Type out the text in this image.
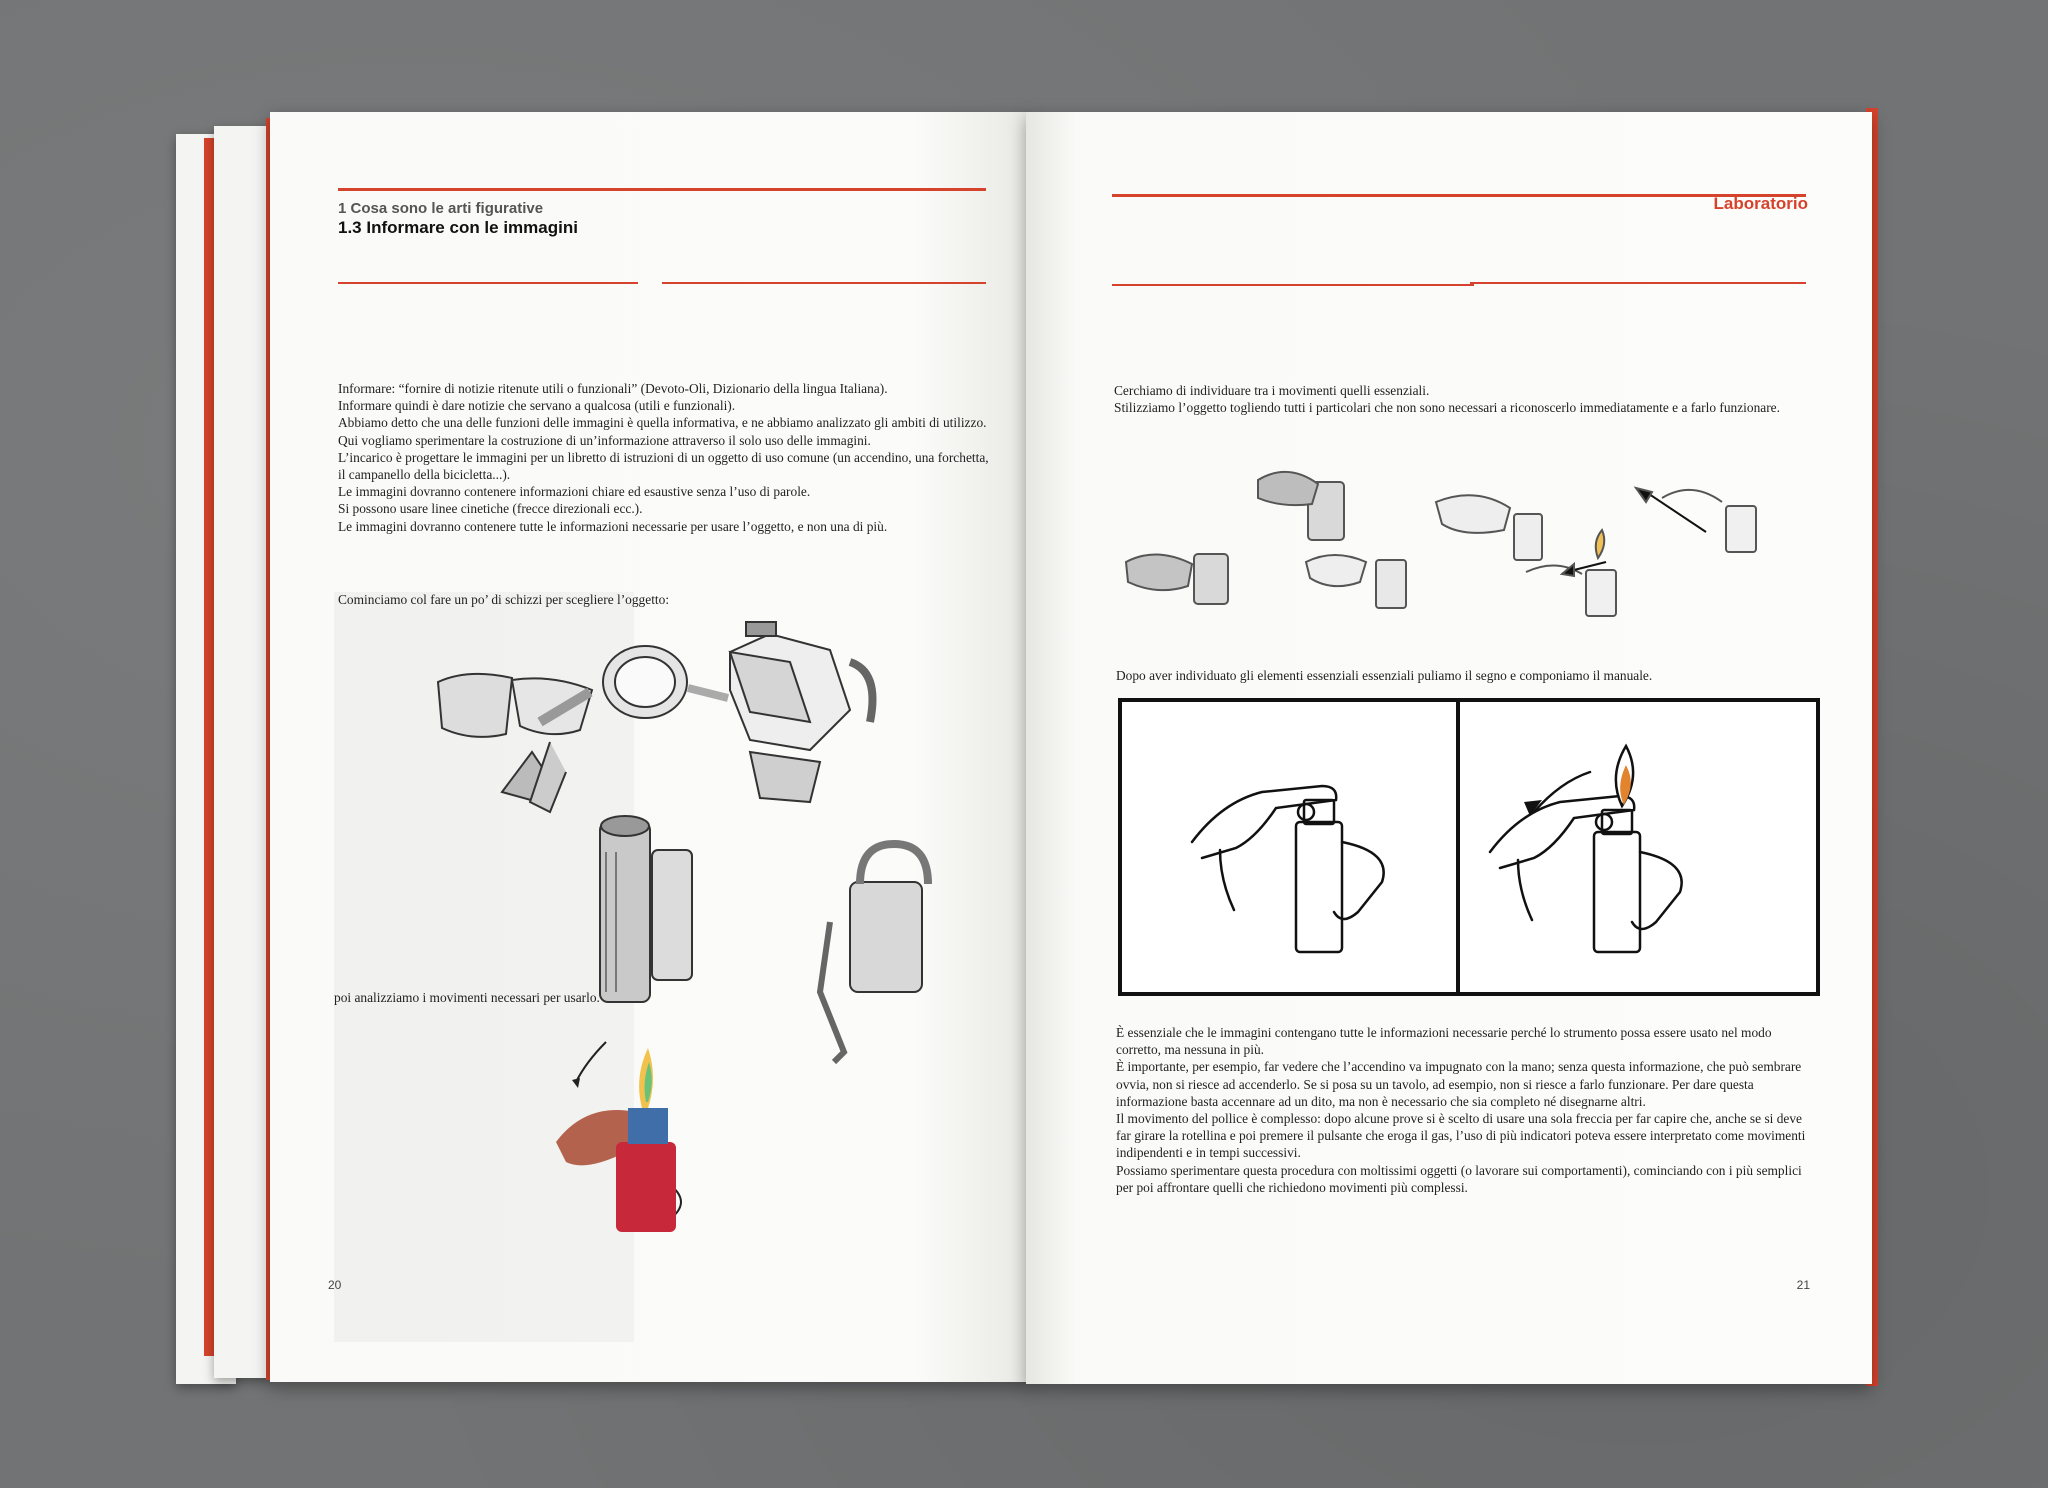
1 Cosa sono le arti figurative
1.3 Informare con le immagini

Informare: “fornire di notizie ritenute utili o funzionali” (Devoto-Oli, Dizionario della lingua Italiana).

Informare quindi è dare notizie che servano a qualcosa (utili e funzionali).

Abbiamo detto che una delle funzioni delle immagini è quella informativa, e ne abbiamo analizzato gli ambiti di utilizzo.

Qui vogliamo sperimentare la costruzione di un’informazione attraverso il solo uso delle immagini.

L’incarico è progettare le immagini per un libretto di istruzioni di un oggetto di uso comune (un accendino, una forchetta, il campanello della bicicletta...).

Le immagini dovranno contenere informazioni chiare ed esaustive senza l’uso di parole.

Si possono usare linee cinetiche (frecce direzionali ecc.).

Le immagini dovranno contenere tutte le informazioni necessarie per usare l’oggetto, e non una di più.

Cominciamo col fare un po’ di schizzi per scegliere l’oggetto:
poi analizziamo i movimenti necessari per usarlo.
20
Laboratorio

Cerchiamo di individuare tra i movimenti quelli essenziali.

Stilizziamo l’oggetto togliendo tutti i particolari che non sono necessari a riconoscerlo immediatamente e a farlo funzionare.

Dopo aver individuato gli elementi essenziali essenziali puliamo il segno e componiamo il manuale.

È essenziale che le immagini contengano tutte le informazioni necessarie perché lo strumento possa essere usato nel modo corretto, ma nessuna in più.

È importante, per esempio, far vedere che l’accendino va impugnato con la mano; senza questa informazione, che può sembrare ovvia, non si riesce ad accenderlo. Se si posa su un tavolo, ad esempio, non si riesce a farlo funzionare. Per dare questa informazione basta accennare ad un dito, ma non è necessario che sia completo né disegnarne altri.

Il movimento del pollice è complesso: dopo alcune prove si è scelto di usare una sola freccia per far capire che, anche se si deve far girare la rotellina e poi premere il pulsante che eroga il gas, l’uso di più indicatori poteva essere interpretato come movimenti indipendenti e in tempi successivi.

Possiamo sperimentare questa procedura con moltissimi oggetti (o lavorare sui comportamenti), cominciando con i più semplici per poi affrontare quelli che richiedono movimenti più complessi.

21
